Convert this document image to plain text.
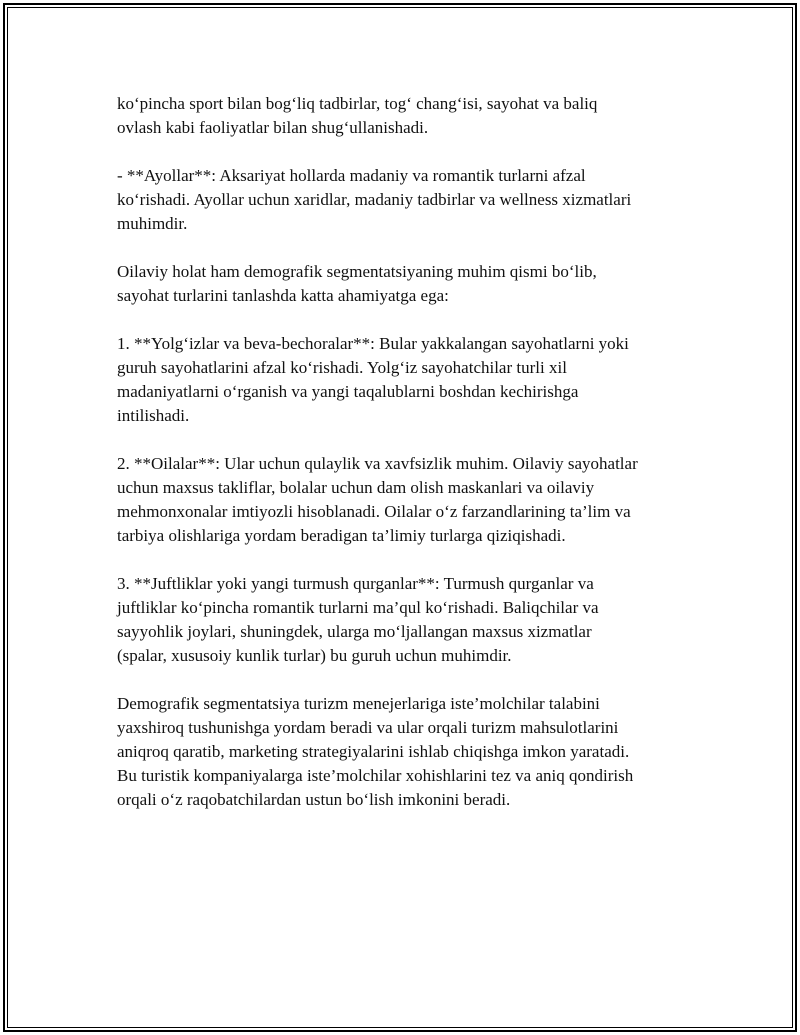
ko‘pincha sport bilan bog‘liq tadbirlar, tog‘ chang‘isi, sayohat va baliq
ovlash kabi faoliyatlar bilan shug‘ullanishadi.

- **Ayollar**: Aksariyat hollarda madaniy va romantik turlarni afzal
ko‘rishadi. Ayollar uchun xaridlar, madaniy tadbirlar va wellness xizmatlari
muhimdir.

Oilaviy holat ham demografik segmentatsiyaning muhim qismi bo‘lib,
sayohat turlarini tanlashda katta ahamiyatga ega:

1. **Yolg‘izlar va beva-bechoralar**: Bular yakkalangan sayohatlarni yoki
guruh sayohatlarini afzal ko‘rishadi. Yolg‘iz sayohatchilar turli xil
madaniyatlarni o‘rganish va yangi taqalublarni boshdan kechirishga
intilishadi.

2. **Oilalar**: Ular uchun qulaylik va xavfsizlik muhim. Oilaviy sayohatlar
uchun maxsus takliflar, bolalar uchun dam olish maskanlari va oilaviy
mehmonxonalar imtiyozli hisoblanadi. Oilalar o‘z farzandlarining ta’lim va
tarbiya olishlariga yordam beradigan ta’limiy turlarga qiziqishadi.

3. **Juftliklar yoki yangi turmush qurganlar**: Turmush qurganlar va
juftliklar ko‘pincha romantik turlarni ma’qul ko‘rishadi. Baliqchilar va
sayyohlik joylari, shuningdek, ularga mo‘ljallangan maxsus xizmatlar
(spalar, xususoiy kunlik turlar) bu guruh uchun muhimdir.

Demografik segmentatsiya turizm menejerlariga iste’molchilar talabini
yaxshiroq tushunishga yordam beradi va ular orqali turizm mahsulotlarini
aniqroq qaratib, marketing strategiyalarini ishlab chiqishga imkon yaratadi.
Bu turistik kompaniyalarga iste’molchilar xohishlarini tez va aniq qondirish
orqali o‘z raqobatchilardan ustun bo‘lish imkonini beradi.
